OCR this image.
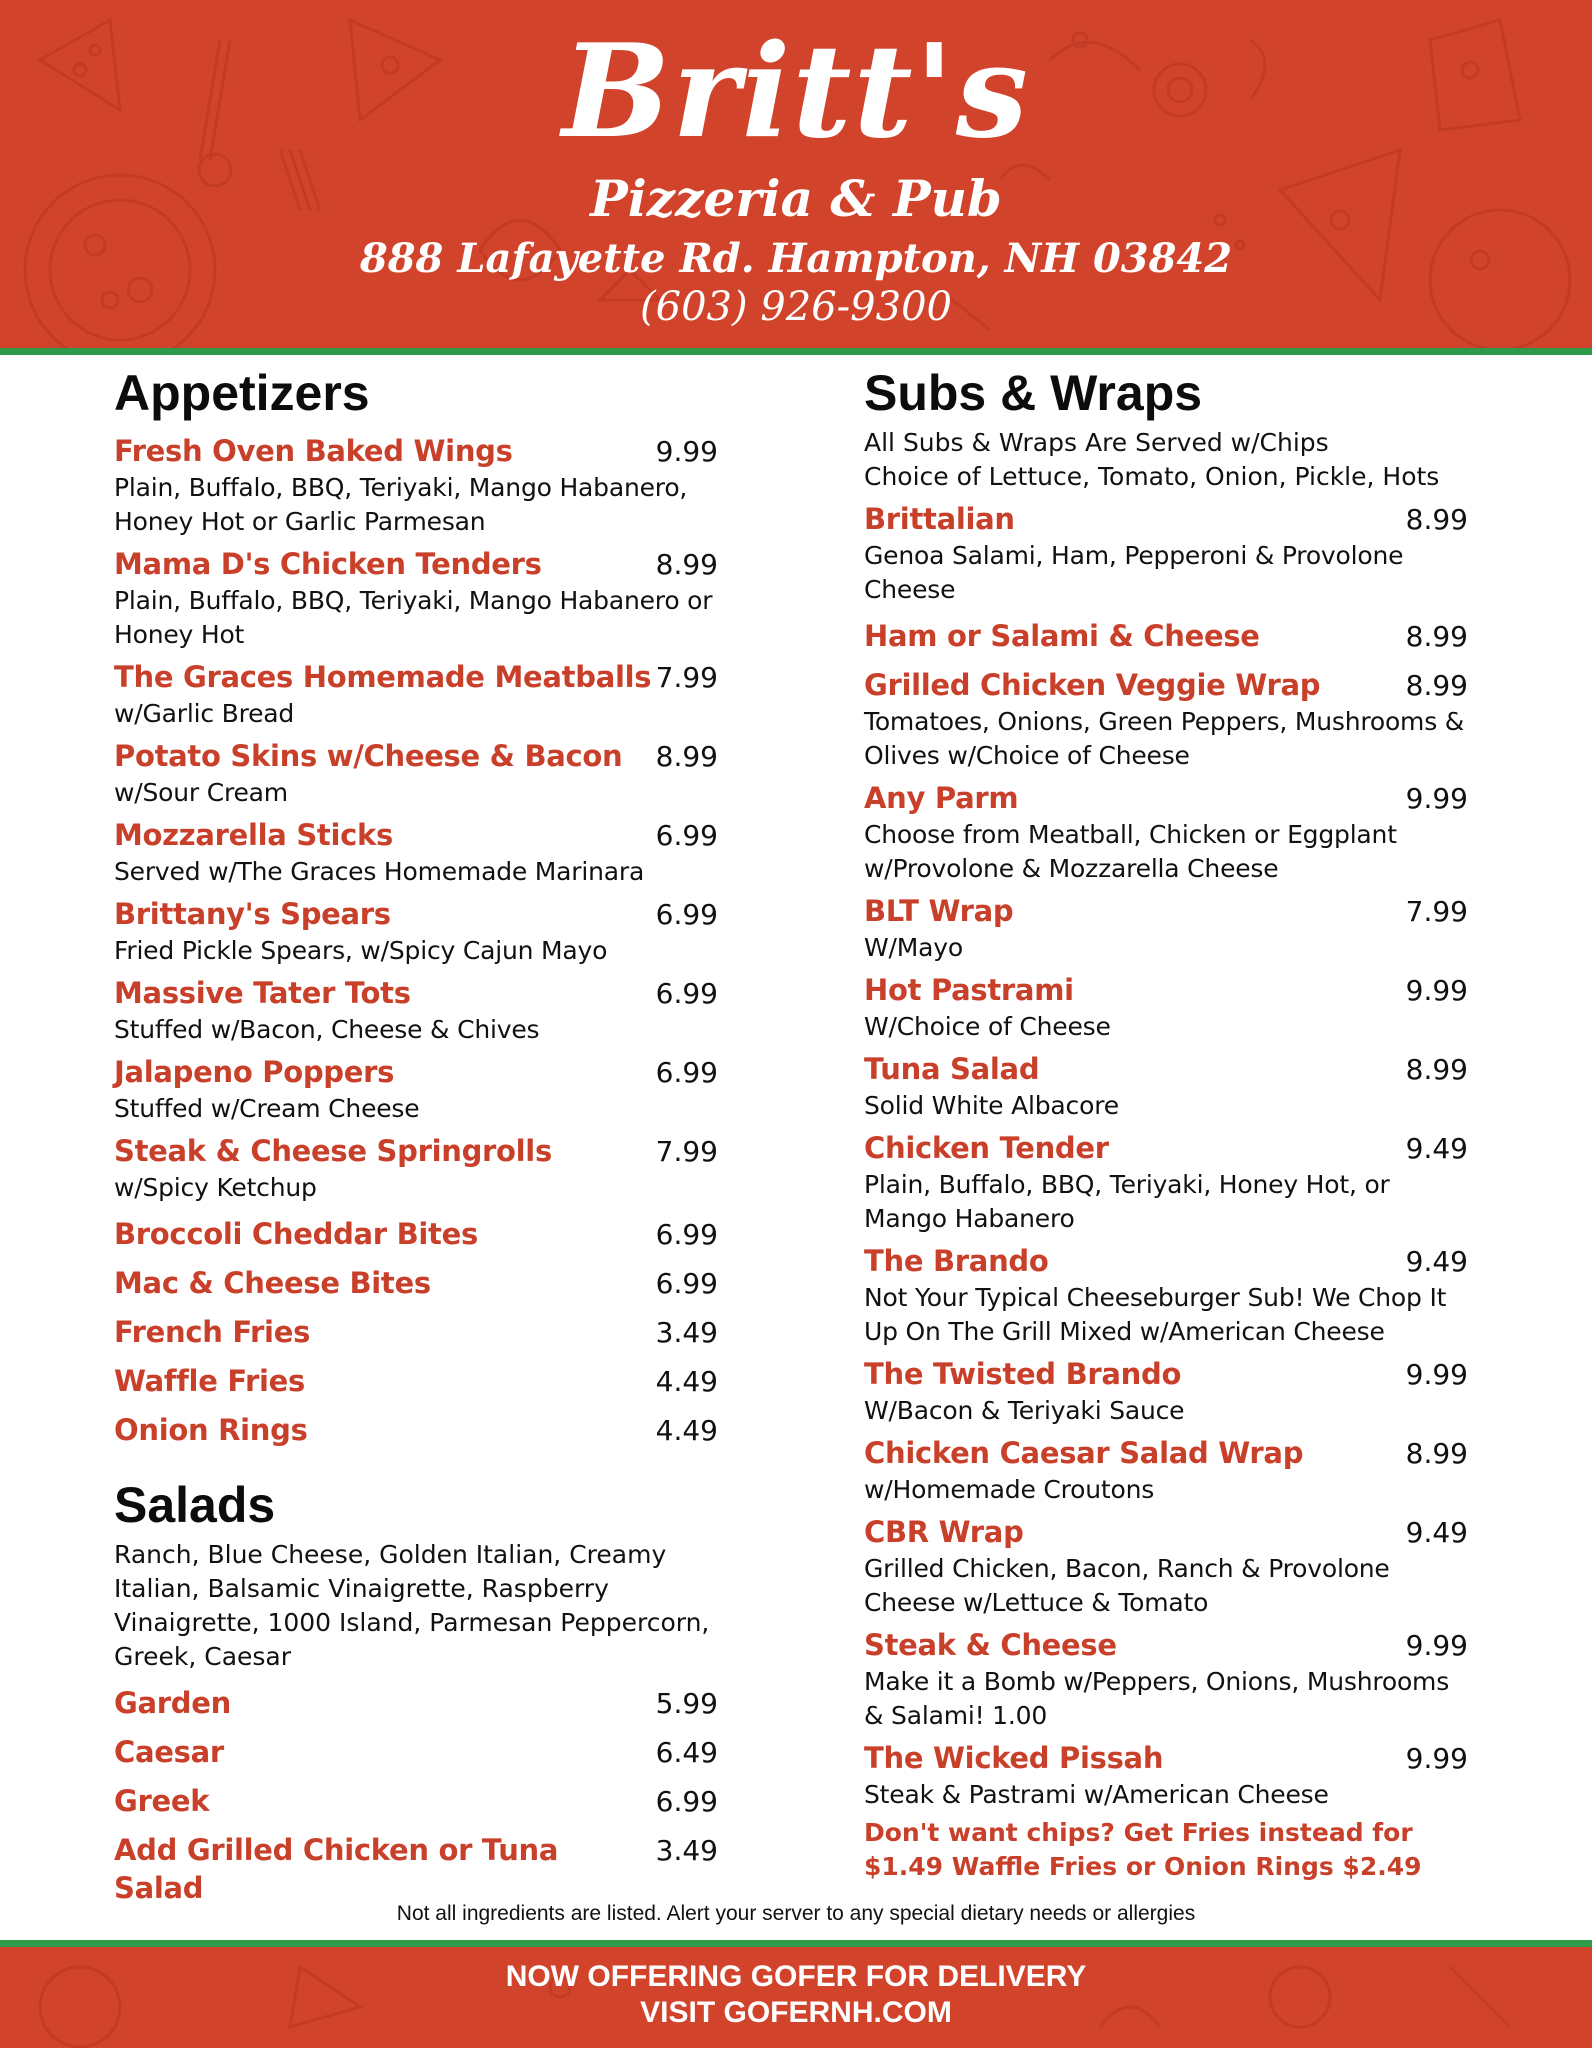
Britt's
Pizzeria & Pub
888 Lafayette Rd. Hampton, NH 03842
(603) 926-9300
Appetizers
Fresh Oven Baked Wings	9.99
Plain, Buffalo, BBQ, Teriyaki, Mango Habanero, Honey Hot or Garlic Parmesan
Mama D's Chicken Tenders	8.99
Plain, Buffalo, BBQ, Teriyaki, Mango Habanero or Honey Hot
The Graces Homemade Meatballs 7.99
w/Garlic Bread
Potato Skins w/Cheese & Bacon 8.99
w/Sour Cream
Mozzarella Sticks	6.99
Served w/The Graces Homemade Marinara
Brittany's Spears	6.99
Fried Pickle Spears, w/Spicy Cajun Mayo
Massive Tater Tots	6.99
Stuffed w/Bacon, Cheese & Chives
Jalapeno Poppers	6.99
Stuffed w/Cream Cheese
Steak & Cheese Springrolls	7.99
w/Spicy Ketchup
Broccoli Cheddar Bites	6.99
Mac & Cheese Bites	6.99
French Fries	3.49
Waffle Fries	4.49
Onion Rings	4.49
Salads
Ranch, Blue Cheese, Golden Italian, Creamy Italian, Balsamic Vinaigrette, Raspberry Vinaigrette, 1000 Island, Parmesan Peppercorn, Greek, Caesar
Garden	5.99
Caesar	6.49
Greek	6.99
Add Grilled Chicken or Tuna Salad
3.49
Subs & Wraps
All Subs & Wraps Are Served w/Chips
Choice of Lettuce, Tomato, Onion, Pickle, Hots
Brittalian	8.99
Genoa Salami, Ham, Pepperoni & Provolone Cheese
Ham or Salami & Cheese	8.99
Grilled Chicken Veggie Wrap	8.99
Tomatoes, Onions, Green Peppers, Mushrooms & Olives w/Choice of Cheese
Any Parm	9.99
Choose from Meatball, Chicken or Eggplant w/Provolone & Mozzarella Cheese
BLT Wrap	7.99
W/Mayo
Hot Pastrami	9.99
W/Choice of Cheese
Tuna Salad	8.99
Solid White Albacore
Chicken Tender	9.49
Plain, Buffalo, BBQ, Teriyaki, Honey Hot, or Mango Habanero
The Brando	9.49
Not Your Typical Cheeseburger Sub! We Chop It Up On The Grill Mixed w/American Cheese
The Twisted Brando	9.99
W/Bacon & Teriyaki Sauce
Chicken Caesar Salad Wrap	8.99
w/Homemade Croutons
CBR Wrap	9.49
Grilled Chicken, Bacon, Ranch & Provolone Cheese w/Lettuce & Tomato
Steak & Cheese	9.99
Make it a Bomb w/Peppers, Onions, Mushrooms & Salami! 1.00
The Wicked Pissah	9.99
Steak & Pastrami w/American Cheese
Don't want chips? Get Fries instead for $1.49 Waffle Fries or Onion Rings $2.49
Not all ingredients are listed. Alert your server to any special dietary needs or allergies
NOW OFFERING GOFER FOR DELIVERY
VISIT GOFERNH.COM
